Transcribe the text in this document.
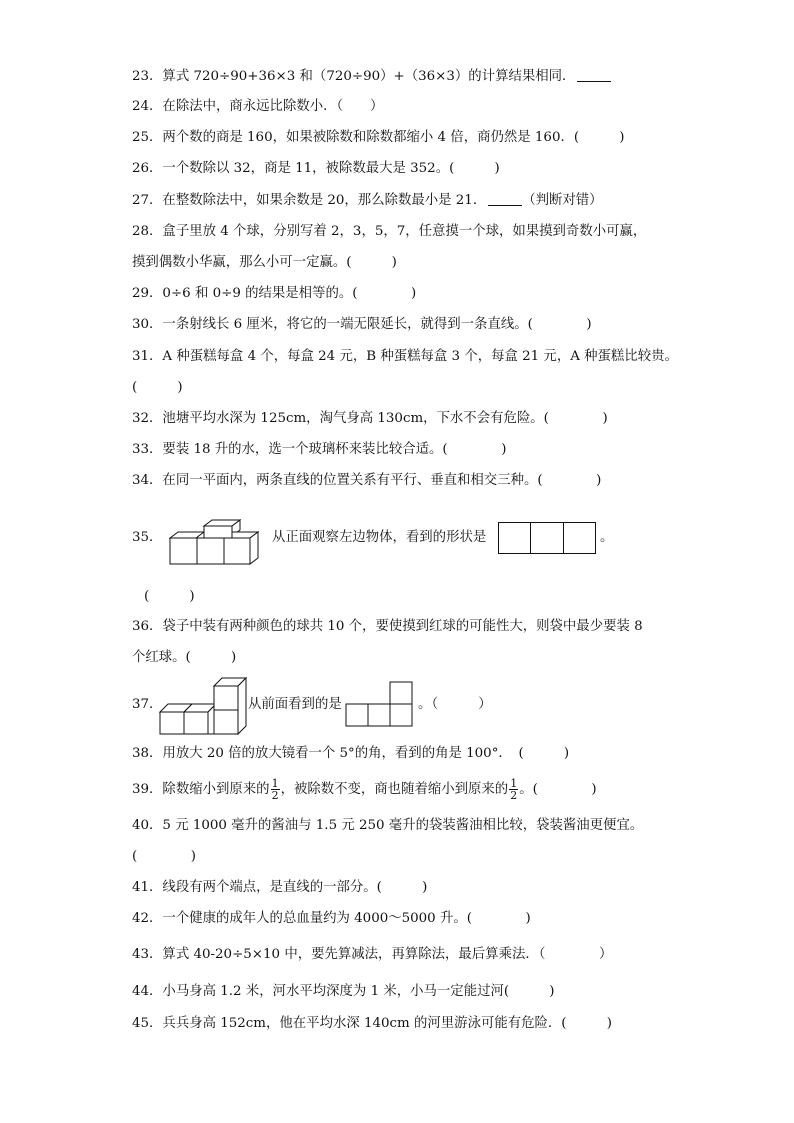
23．算式 720÷90+36×3 和（720÷90）+（36×3）的计算结果相同．
24．在除法中，商永远比除数小．（　　）
25．两个数的商是 160，如果被除数和除数都缩小 4 倍，商仍然是 160．(　　　)
26．一个数除以 32，商是 11，被除数最大是 352。(　　　)
27．在整数除法中，如果余数是 20，那么除数最小是 21．	（判断对错）
28．盒子里放 4 个球，分别写着 2，3，5，7，任意摸一个球，如果摸到奇数小可赢，
摸到偶数小华赢，那么小可一定赢。(　　　)
29．0÷6 和 0÷9 的结果是相等的。(　　　　)
30．一条射线长 6 厘米，将它的一端无限延长，就得到一条直线。(　　　　)
31．A 种蛋糕每盒 4 个，每盒 24 元，B 种蛋糕每盒 3 个，每盒 21 元，A 种蛋糕比较贵。
(　　　)
32．池塘平均水深为 125cm，淘气身高 130cm，下水不会有危险。(　　　　)
33．要装 18 升的水，选一个玻璃杯来装比较合适。(　　　　)
34．在同一平面内，两条直线的位置关系有平行、垂直和相交三种。(　　　　)
35．	从正面观察左边物体，看到的形状是	。
(　　　)
36．袋子中装有两种颜色的球共 10 个，要使摸到红球的可能性大，则袋中最少要装 8
个红球。(　　　)
37．	从前面看到的是	。（　　　）
38．用放大 20 倍的放大镜看一个 5°的角，看到的角是 100°．　(　　　)
39．除数缩小到原来的 $\frac{1}{2}$ ，被除数不变，商也随着缩小到原来的 $\frac{1}{2}$ 。(　　　　)
40．5 元 1000 毫升的酱油与 1.5 元 250 毫升的袋装酱油相比较，袋装酱油更便宜。
(　　　　)
41．线段有两个端点，是直线的一部分。(　　　)
42．一个健康的成年人的总血量约为 4000～5000 升。(　　　　)
43．算式 40-20÷5×10 中，要先算减法，再算除法，最后算乘法．（　　　　）
44．小马身高 1.2 米，河水平均深度为 1 米，小马一定能过河(　　　)
45．兵兵身高 152cm，他在平均水深 140cm 的河里游泳可能有危险．(　　　)
